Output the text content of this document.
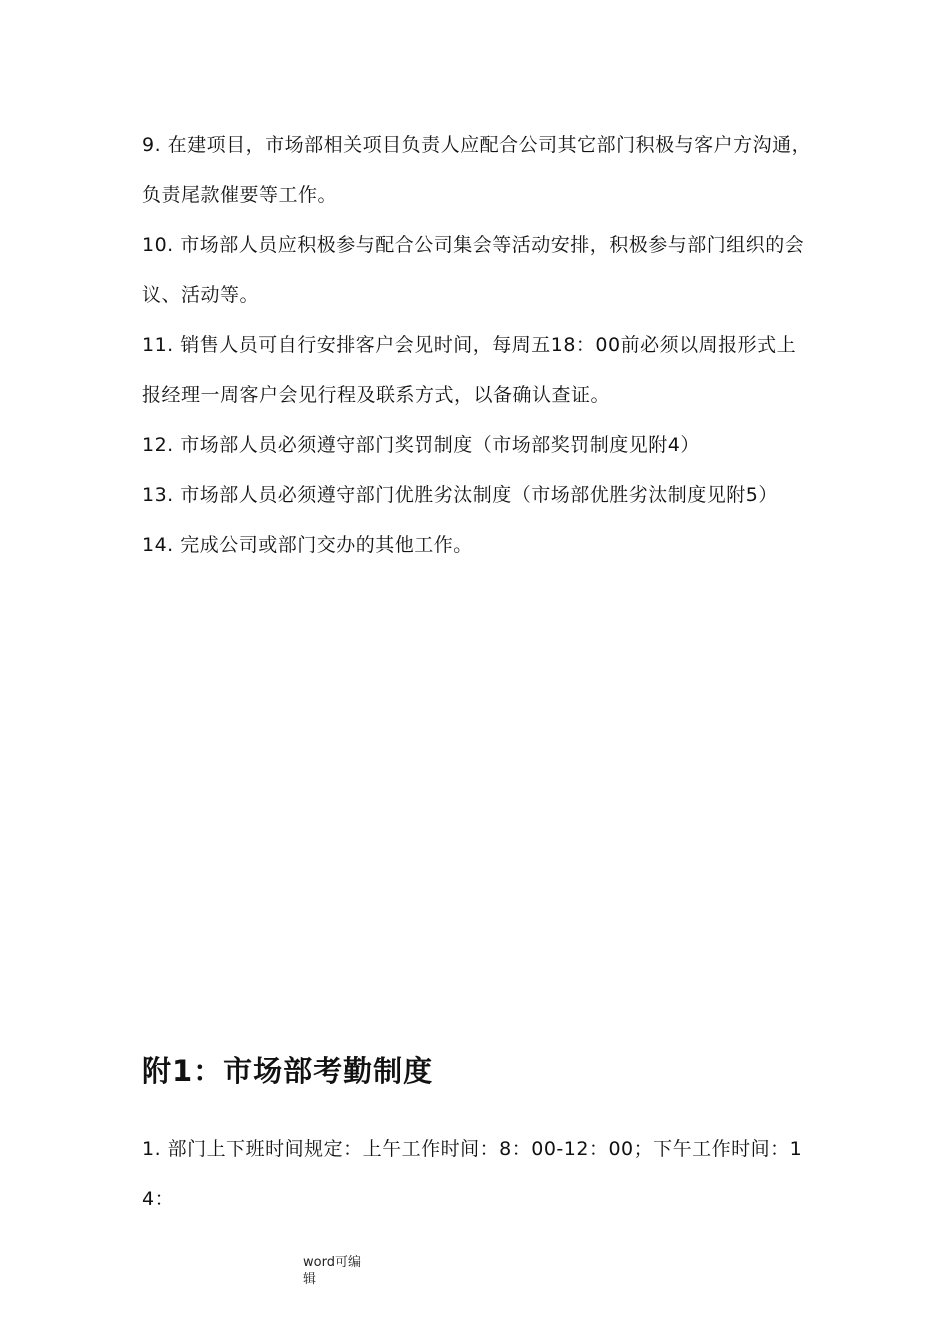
9. 在建项目，市场部相关项目负责人应配合公司其它部门积极与客户方沟通，负责尾款催要等工作。

10. 市场部人员应积极参与配合公司集会等活动安排，积极参与部门组织的会议、活动等。

11. 销售人员可自行安排客户会见时间，每周五18：00前必须以周报形式上报经理一周客户会见行程及联系方式，以备确认查证。

12. 市场部人员必须遵守部门奖罚制度（市场部奖罚制度见附4）

13. 市场部人员必须遵守部门优胜劣汰制度（市场部优胜劣汰制度见附5）

14. 完成公司或部门交办的其他工作。

附1：市场部考勤制度

1. 部门上下班时间规定：上午工作时间：8：00-12：00；下午工作时间：14：

word可编辑
